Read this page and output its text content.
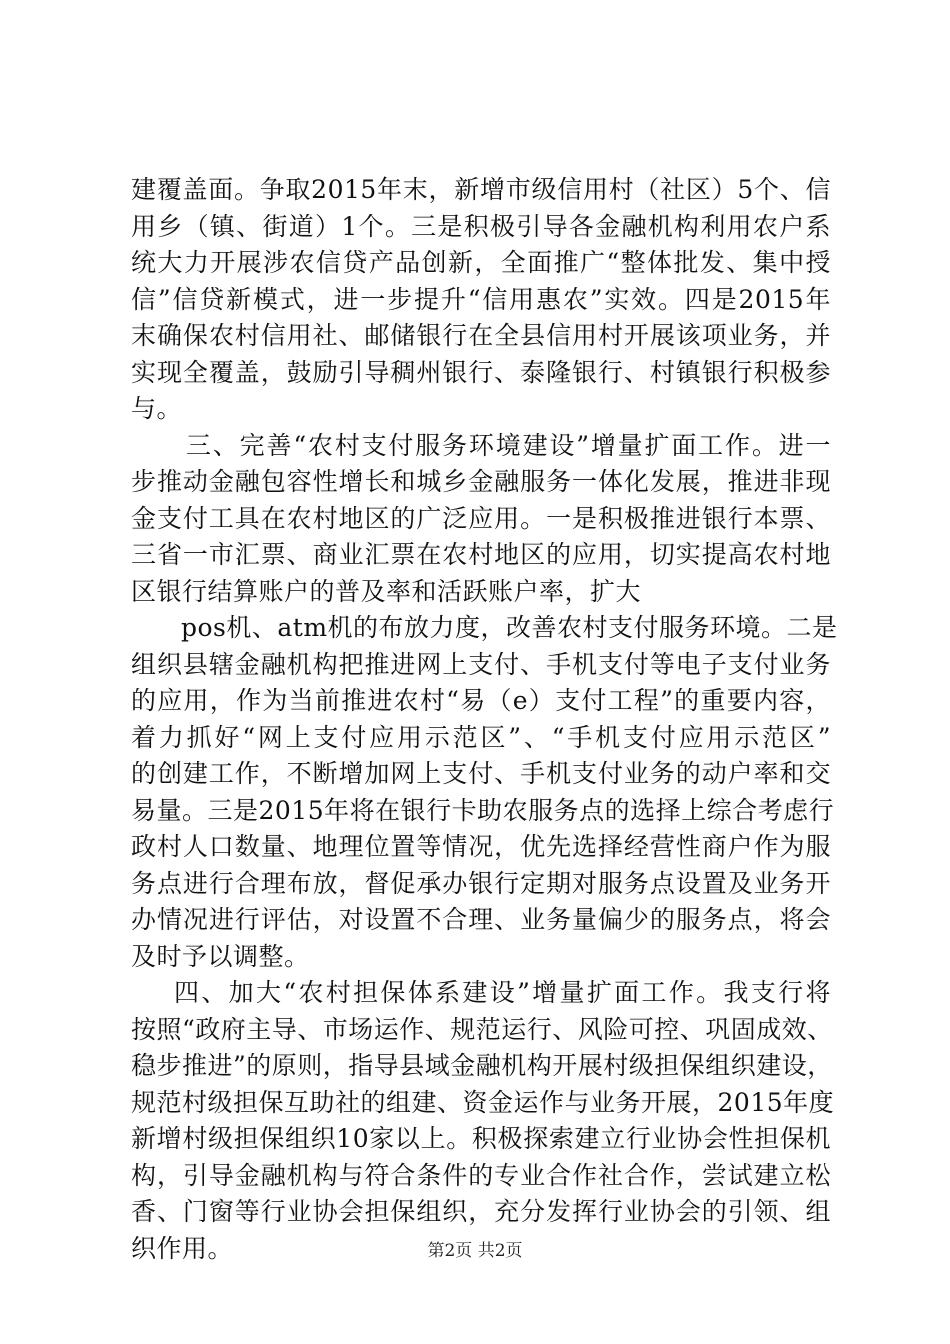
建覆盖面。争取2015年末，新增市级信用村（社区）5个、信
用乡（镇、街道）1个。三是积极引导各金融机构利用农户系
统大力开展涉农信贷产品创新，全面推广“整体批发、集中授
信”信贷新模式，进一步提升“信用惠农”实效。四是2015年
末确保农村信用社、邮储银行在全县信用村开展该项业务，并
实现全覆盖，鼓励引导稠州银行、泰隆银行、村镇银行积极参
与。
三、完善“农村支付服务环境建设”增量扩面工作。进一
步推动金融包容性增长和城乡金融服务一体化发展，推进非现
金支付工具在农村地区的广泛应用。一是积极推进银行本票、
三省一市汇票、商业汇票在农村地区的应用，切实提高农村地
区银行结算账户的普及率和活跃账户率，扩大
pos机、atm机的布放力度，改善农村支付服务环境。二是
组织县辖金融机构把推进网上支付、手机支付等电子支付业务
的应用，作为当前推进农村“易（e）支付工程”的重要内容，
着力抓好“网上支付应用示范区”、“手机支付应用示范区”
的创建工作，不断增加网上支付、手机支付业务的动户率和交
易量。三是2015年将在银行卡助农服务点的选择上综合考虑行
政村人口数量、地理位置等情况，优先选择经营性商户作为服
务点进行合理布放，督促承办银行定期对服务点设置及业务开
办情况进行评估，对设置不合理、业务量偏少的服务点，将会
及时予以调整。
四、加大“农村担保体系建设”增量扩面工作。我支行将
按照“政府主导、市场运作、规范运行、风险可控、巩固成效、
稳步推进”的原则，指导县域金融机构开展村级担保组织建设，
规范村级担保互助社的组建、资金运作与业务开展，2015年度
新增村级担保组织10家以上。积极探索建立行业协会性担保机
构，引导金融机构与符合条件的专业合作社合作，尝试建立松
香、门窗等行业协会担保组织，充分发挥行业协会的引领、组
织作用。	第2页 共2页
